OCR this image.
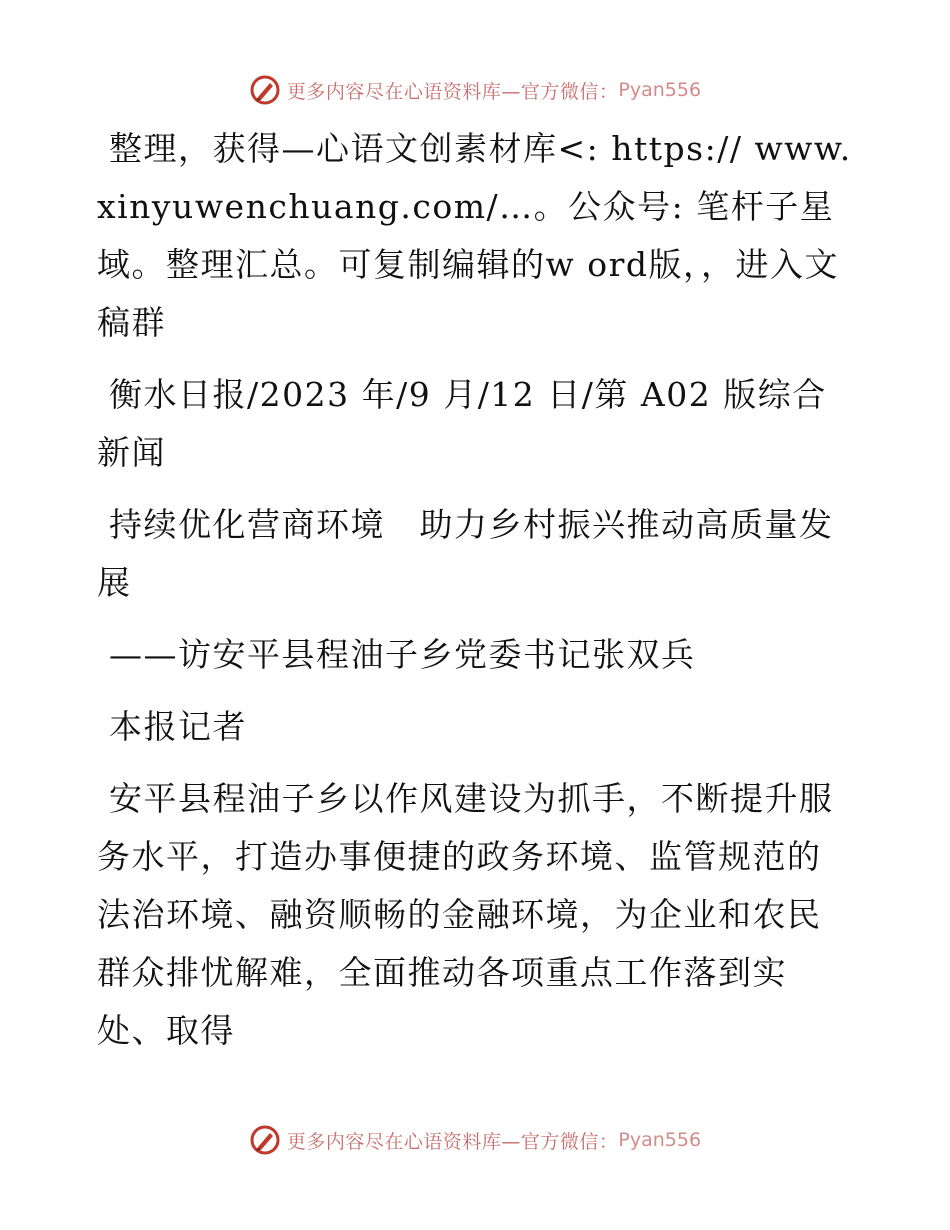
更多内容尽在心语资料库—官方微信： Pyan556

整理，获得—心语文创素材库<: https:// www.xinyuwenchuang.com/…。公众号: 笔杆子星域。整理汇总。可复制编辑的w ord版，，进入文稿群

衡水日报/2023 年/9 月/12 日/第 A02 版综合新闻

持续优化营商环境　助力乡村振兴推动高质量发展

——访安平县程油子乡党委书记张双兵

本报记者

安平县程油子乡以作风建设为抓手，不断提升服务水平，打造办事便捷的政务环境、监管规范的法治环境、融资顺畅的金融环境，为企业和农民群众排忧解难，全面推动各项重点工作落到实处、取得

更多内容尽在心语资料库—官方微信： Pyan556
